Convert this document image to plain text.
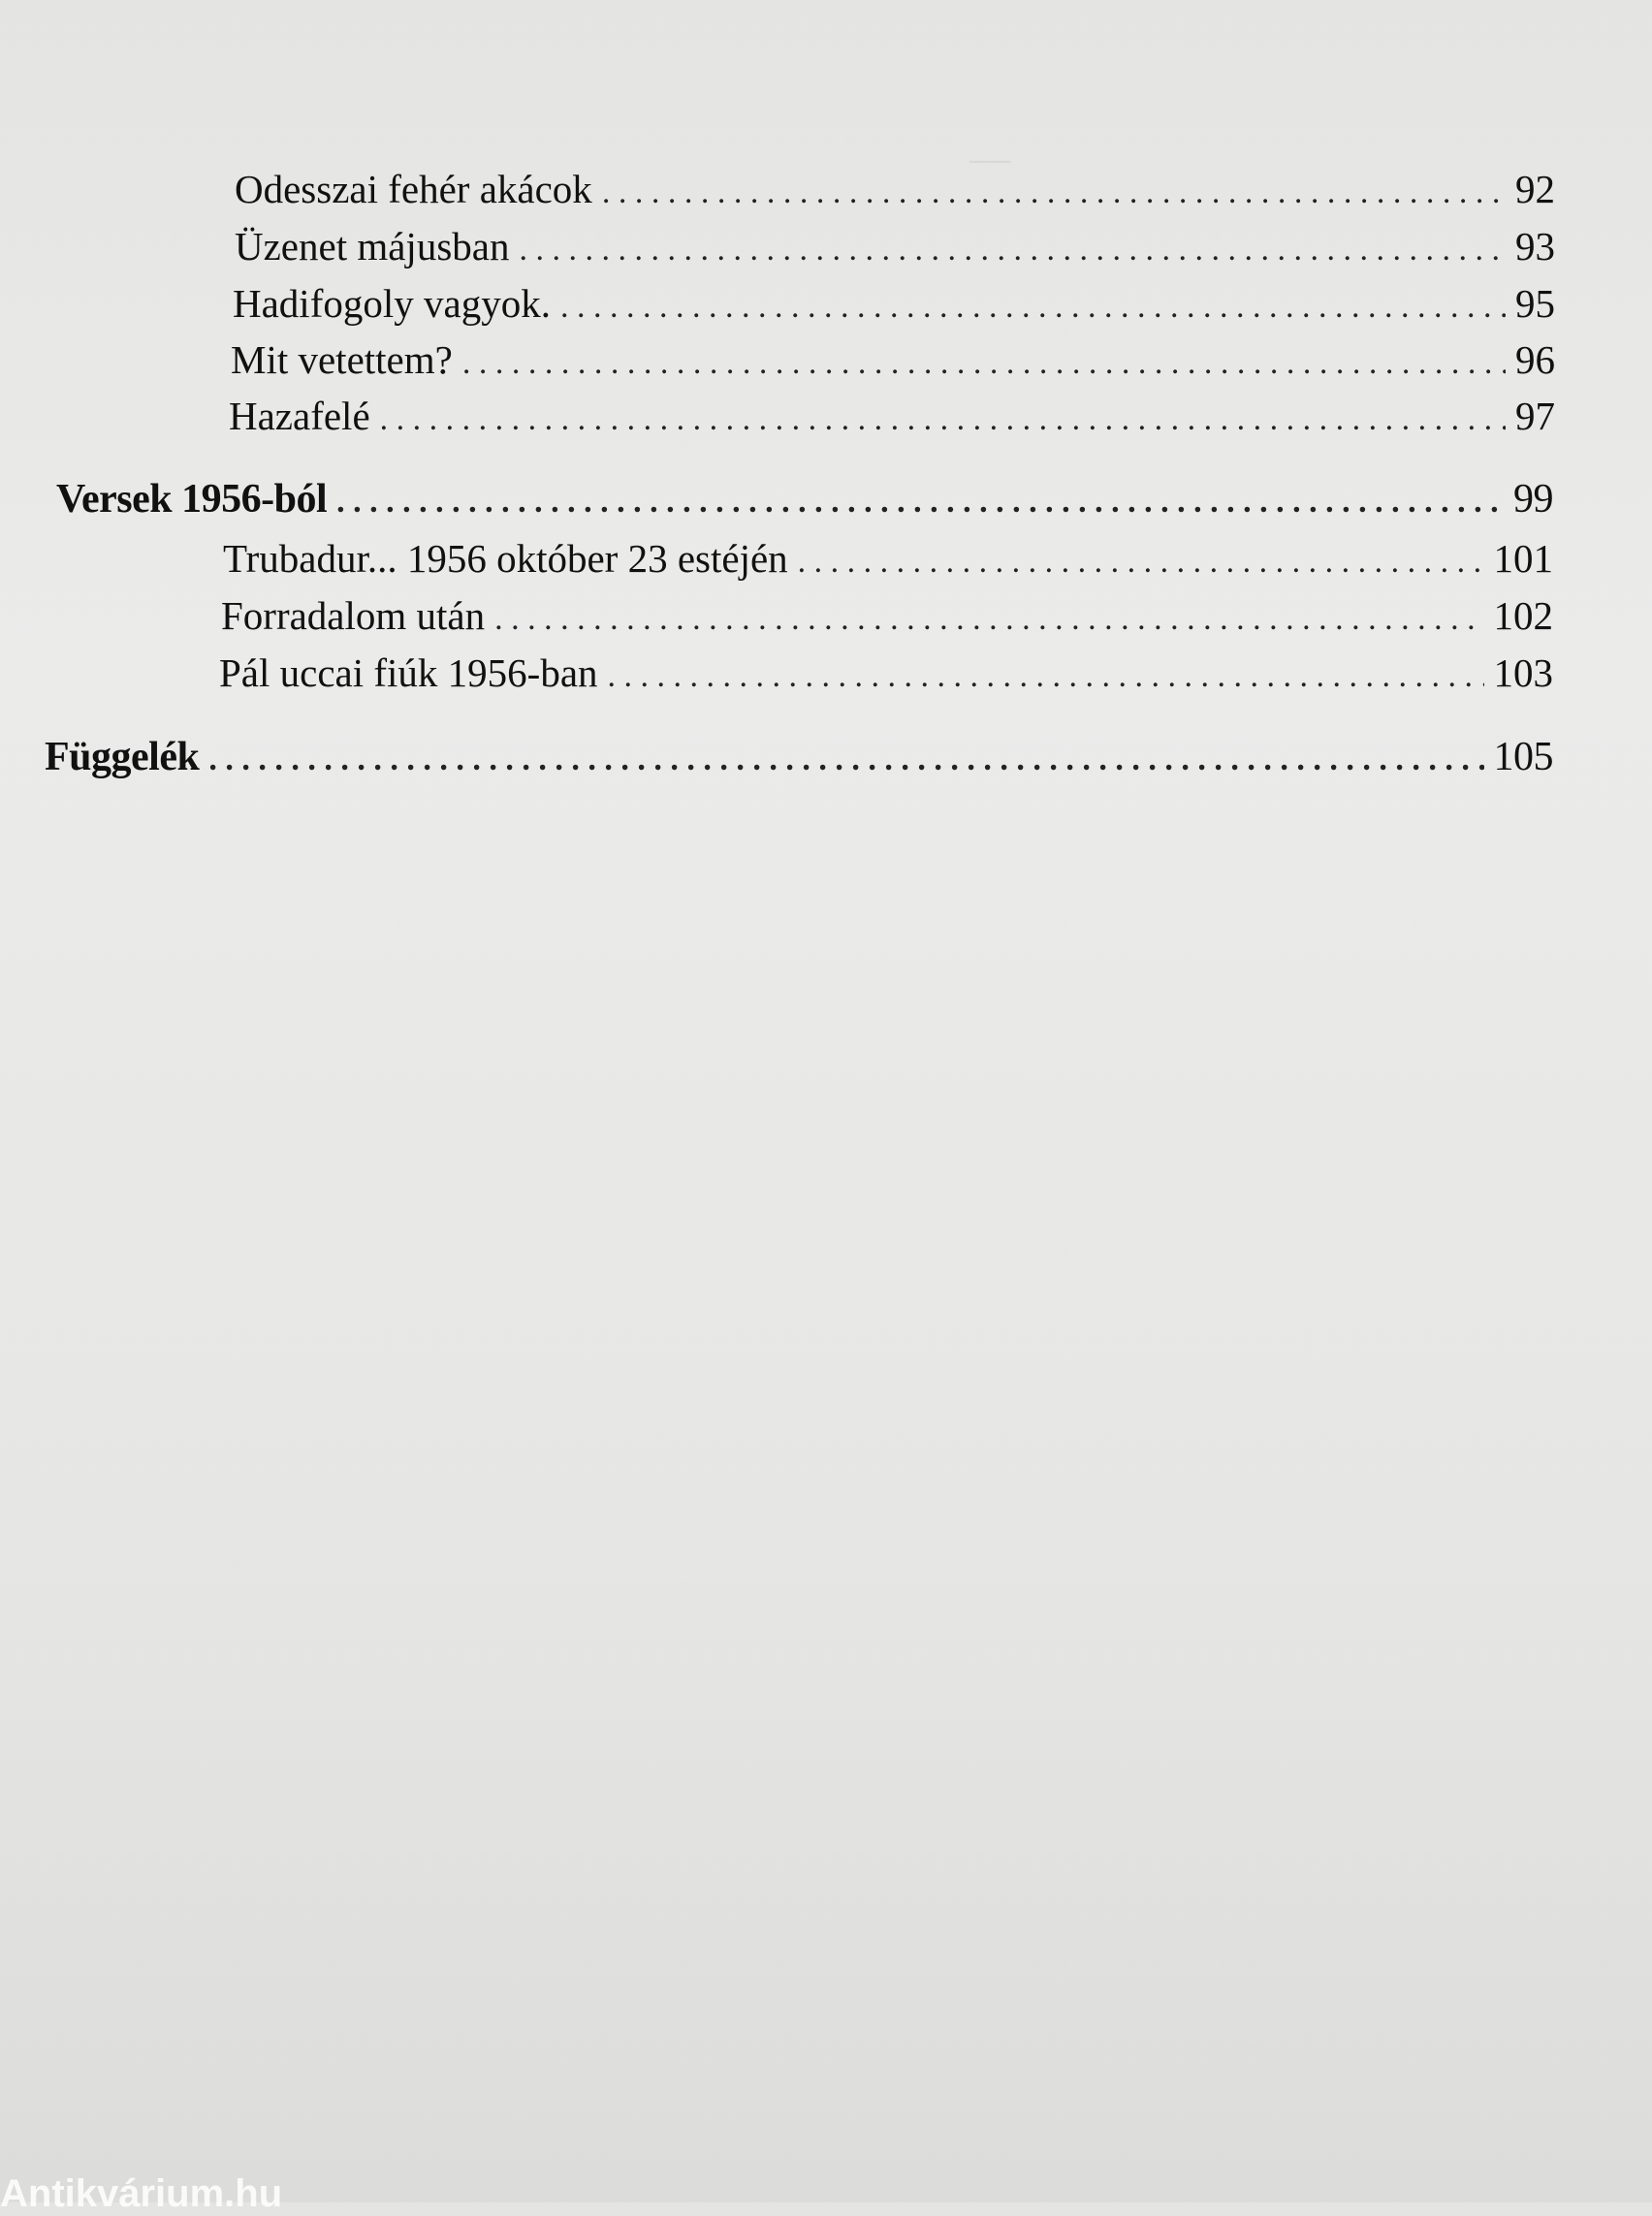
—
Odesszai fehér akácok . . .	92
Üzenet májusban . . .	93
Hadifogoly vagyok. . . .	95
Mit vetettem? . . .	96
Hazafelé . . .	97
Versek 1956-ból . . .	99
Trubadur... 1956 október 23 estéjén . . .	101
Forradalom után . . .	102
Pál uccai fiúk 1956-ban . . .	103
Függelék . . .	105
Antikvárium.hu
